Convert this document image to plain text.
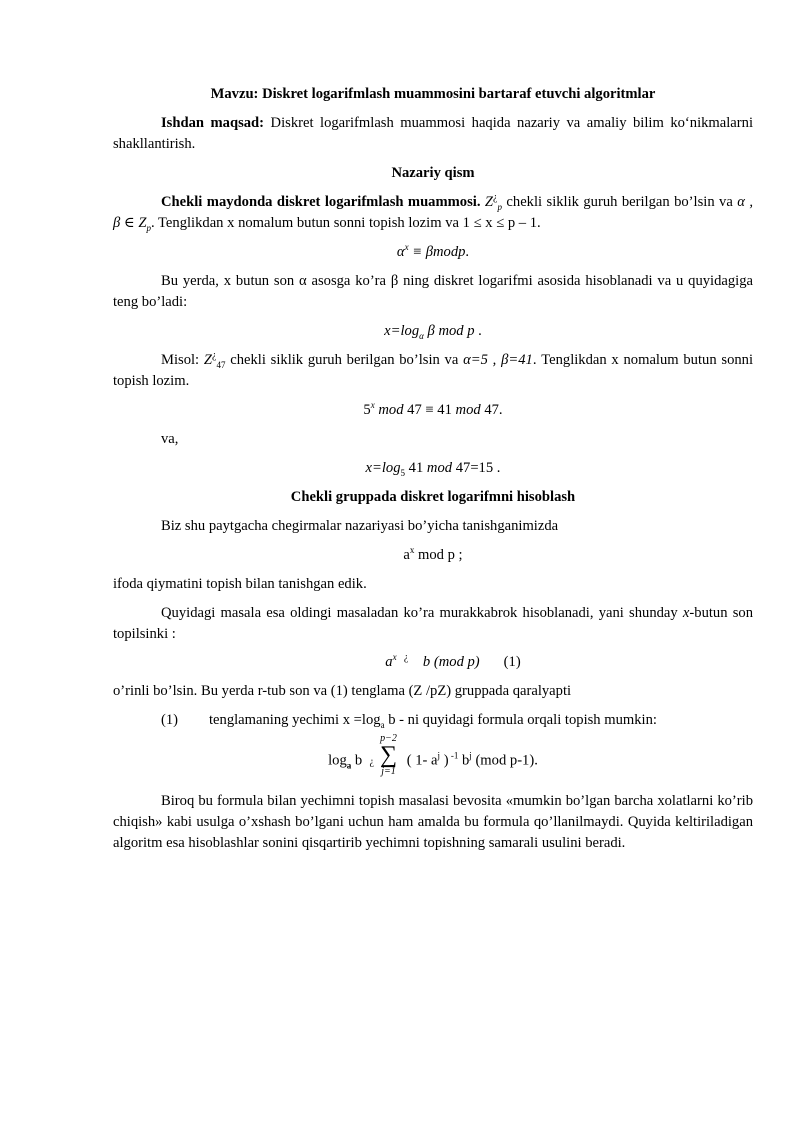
Mavzu: Diskret logarifmlash muammosini bartaraf etuvchi algoritmlar

Ishdan maqsad: Diskret logarifmlash muammosi haqida nazariy va amaliy bilim ko‘nikmalarni shakllantirish.

Nazariy qism

Chekli maydonda diskret logarifmlash muammosi. $Z^¿_p$ chekli siklik guruh berilgan bo’lsin va α , β ∈ $Z_p$. Tenglikdan x nomalum butun sonni topish lozim va 1 ≤ x ≤ p – 1.

$\alpha^x$ ≡ βmodp.

Bu yerda, x butun son α asosga ko’ra β ning diskret logarifmi asosida hisoblanadi va u quyidagiga teng bo’ladi:

$x=\log_\alpha$ β mod p .

Misol: $Z^¿_{47}$ chekli siklik guruh berilgan bo’lsin va α=5 , β=41. Tenglikdan x nomalum butun sonni topish lozim.

5$^x$ mod 47 ≡ 41 mod 47.

va,

$x=\log_5$ 41 mod 47=15 .

Chekli gruppada diskret logarifmni hisoblash

Biz shu paytgacha chegirmalar nazariyasi bo’yicha tanishganimizda

$a^x$ mod p ;

ifoda qiymatini topish bilan tanishgan edik.

Quyidagi masala esa oldingi masaladan ko’ra murakkabrok hisoblanadi, yani shunday x-butun son topilsinki :

$a^x$ ¿ b (mod p) (1)

o’rinli bo’lsin. Bu yerda r-tub son va (1) tenglama (Z /pZ) gruppada qaralyapti

(1) tenglamaning yechimi $x =\log_a$ b - ni quyidagi formula orqali topish mumkin:

$\log_a b$ ¿
p−2
∑
j=1
( 1- $a^j$ ) $^{-1}$ $b^j$ (mod p-1).

Biroq bu formula bilan yechimni topish masalasi bevosita «mumkin bo’lgan barcha xolatlarni ko’rib chiqish» kabi usulga o’xshash bo’lgani uchun ham amalda bu formula qo’llanilmaydi. Quyida keltiriladigan algoritm esa hisoblashlar sonini qisqartirib yechimni topishning samarali usulini beradi.
